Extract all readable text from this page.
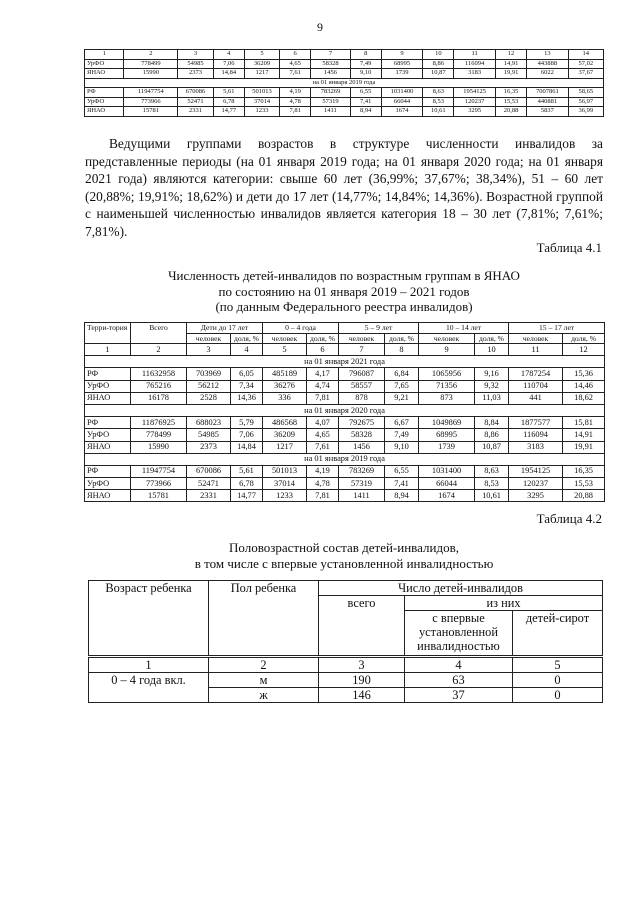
9
1	2	3	4	5	6	7	8	9	10	11	12	13	14
УрФО	778499	54985	7,06	36209	4,65	58328	7,49	68995	8,86	116094	14,91	443888	57,02
ЯНАО	15990	2373	14,84	1217	7,61	1456	9,10	1739	10,87	3183	19,91	6022	37,67
на 01 января 2019 года													
РФ	11947754	670086	5,61	501013	4,19	783269	6,55	1031400	8,63	1954125	16,35	7007861	58,65
УрФО	773966	52471	6,78	37014	4,78	57319	7,41	66044	8,53	120237	15,53	440881	56,97
ЯНАО	15781	2331	14,77	1233	7,81	1411	8,94	1674	10,61	3295	20,88	5837	36,99

Ведущими группами возрастов в структуре численности инвалидов за представленные периоды (на 01 января 2019 года; на 01 января 2020 года; на 01 января 2021 года) являются категории: свыше 60 лет (36,99%; 37,67%; 38,34%), 51 – 60 лет (20,88%; 19,91%; 18,62%) и дети до 17 лет (14,77%; 14,84%; 14,36%). Возрастной группой с наименьшей численностью инвалидов является категория 18 – 30 лет (7,81%; 7,61%; 7,81%).

Таблица 4.1
Численность детей-инвалидов по возрастным группам в ЯНАО
по состоянию на 01 января 2019 – 2021 годов
(по данным Федерального реестра инвалидов)
Терри-тория	Всего	Дети до 17 лет		0 – 4 года		5 – 9 лет		10 – 14 лет		15 – 17 лет	
		человек	доля, %	человек	доля, %	человек	доля, %	человек	доля, %	человек	доля, %
1	2	3	4	5	6	7	8	9	10	11	12
на 01 января 2021 года											
РФ	11632958	703969	6,05	485189	4,17	796087	6,84	1065956	9,16	1787254	15,36
УрФО	765216	56212	7,34	36276	4,74	58557	7,65	71356	9,32	110704	14,46
ЯНАО	16178	2528	14,36	336	7,81	878	9,21	873	11,03	441	18,62
на 01 января 2020 года											
РФ	11876925	688023	5,79	486568	4,07	792675	6,67	1049869	8,84	1877577	15,81
УрФО	778499	54985	7,06	36209	4,65	58328	7,49	68995	8,86	116094	14,91
ЯНАО	15990	2373	14,84	1217	7,61	1456	9,10	1739	10,87	3183	19,91
на 01 января 2019 года											
РФ	11947754	670086	5,61	501013	4,19	783269	6,55	1031400	8,63	1954125	16,35
УрФО	773966	52471	6,78	37014	4,78	57319	7,41	66044	8,53	120237	15,53
ЯНАО	15781	2331	14,77	1233	7,81	1411	8,94	1674	10,61	3295	20,88
Таблица 4.2
Половозрастной состав детей-инвалидов,
в том числе с впервые установленной инвалидностью
Возраст ребенка	Пол ребенка	Число детей-инвалидов		
		всего	из них	
			с впервые установленной инвалидностью	детей-сирот
1	2	3	4	5
0 – 4 года вкл.	м	190	63	0
	ж	146	37	0
